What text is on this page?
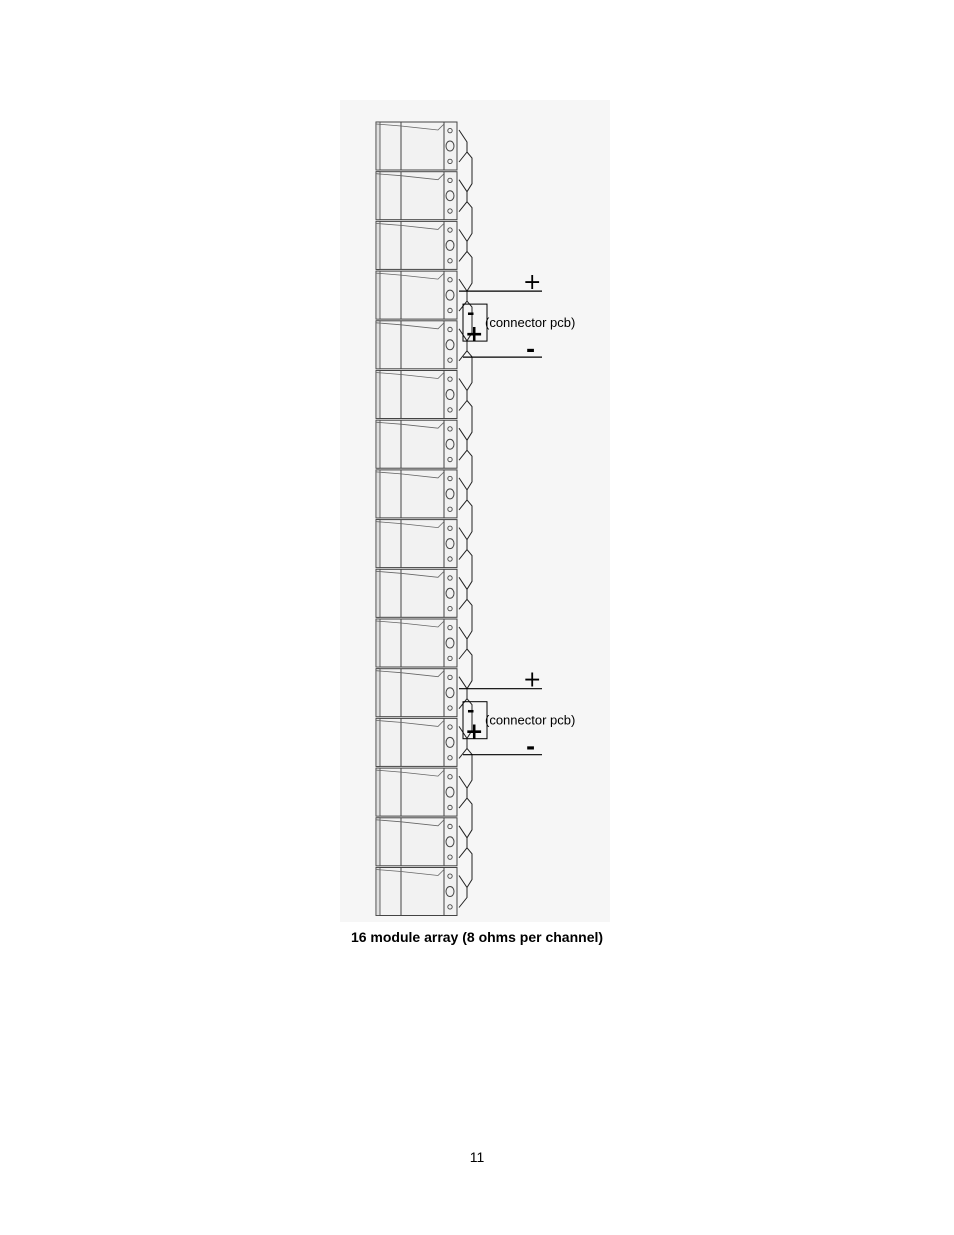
+
-
-
+ (connector pcb)
+
-
-
+ (connector pcb)
16 module array (8 ohms per channel)
11
